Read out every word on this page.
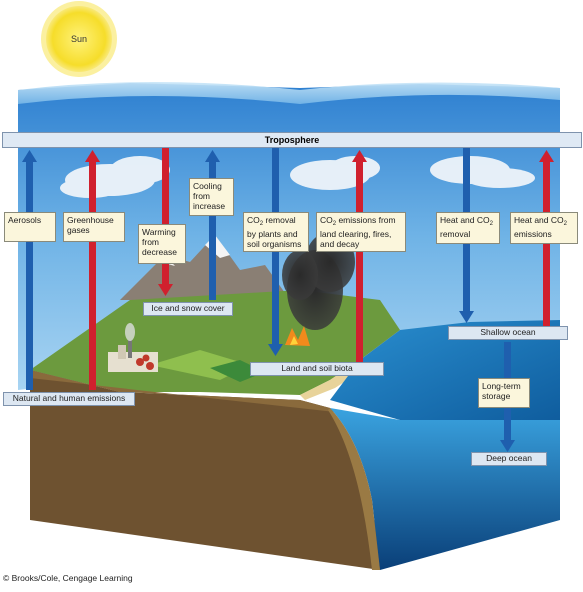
Sun
Troposphere
Aerosols	Greenhouse gases	Warming from decrease
Cooling from increase
$CO_2$ removal by plants and soil organisms
$CO_2$ emissions from land clearing, fires, and decay
Heat and $CO_2$ removal
Heat and $CO_2$ emissions
Long-term storage
Ice and snow cover
Shallow ocean
Land and soil biota
Natural and human emissions
Deep ocean
© Brooks/Cole, Cengage Learning
